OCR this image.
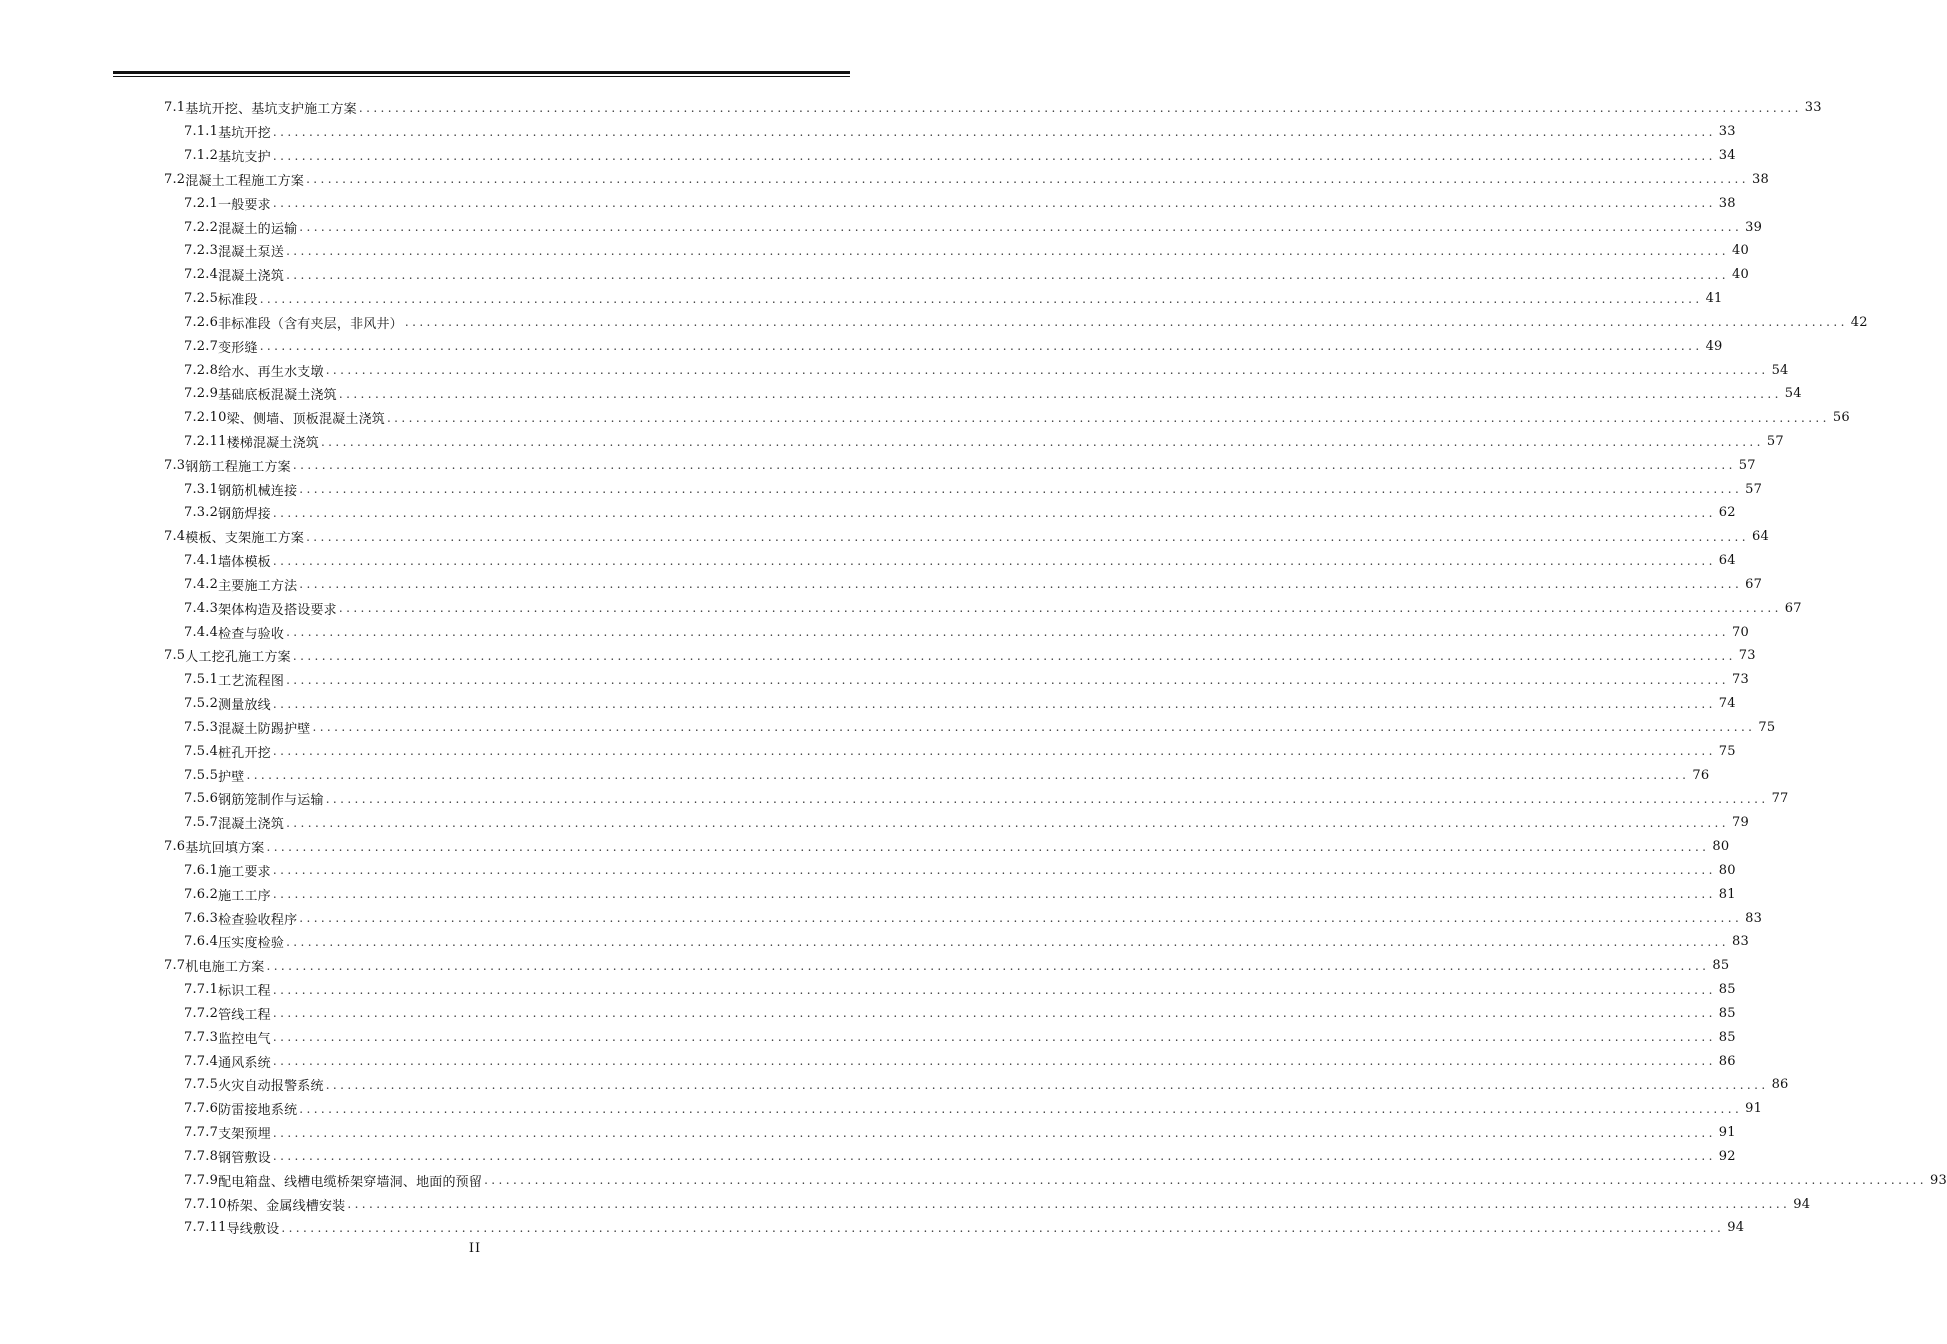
7.1 基坑开挖、基坑支护施工方案 ........................................................................................................................................................................................................ 33
7.1.1 基坑开挖 ........................................................................................................................................................................................................ 33
7.1.2 基坑支护 ........................................................................................................................................................................................................ 34
7.2 混凝土工程施工方案 ........................................................................................................................................................................................................ 38
7.2.1 一般要求 ........................................................................................................................................................................................................ 38
7.2.2 混凝土的运输 ........................................................................................................................................................................................................ 39
7.2.3 混凝土泵送 ........................................................................................................................................................................................................ 40
7.2.4 混凝土浇筑 ........................................................................................................................................................................................................ 40
7.2.5 标准段 ........................................................................................................................................................................................................ 41
7.2.6 非标准段（含有夹层，非风井） ........................................................................................................................................................................................................ 42
7.2.7 变形缝 ........................................................................................................................................................................................................ 49
7.2.8 给水、再生水支墩 ........................................................................................................................................................................................................ 54
7.2.9 基础底板混凝土浇筑 ........................................................................................................................................................................................................ 54
7.2.10 梁、侧墙、顶板混凝土浇筑 ........................................................................................................................................................................................................ 56
7.2.11 楼梯混凝土浇筑 ........................................................................................................................................................................................................ 57
7.3 钢筋工程施工方案 ........................................................................................................................................................................................................ 57
7.3.1 钢筋机械连接 ........................................................................................................................................................................................................ 57
7.3.2 钢筋焊接 ........................................................................................................................................................................................................ 62
7.4 模板、支架施工方案 ........................................................................................................................................................................................................ 64
7.4.1 墙体模板 ........................................................................................................................................................................................................ 64
7.4.2 主要施工方法 ........................................................................................................................................................................................................ 67
7.4.3 架体构造及搭设要求 ........................................................................................................................................................................................................ 67
7.4.4 检查与验收 ........................................................................................................................................................................................................ 70
7.5 人工挖孔施工方案 ........................................................................................................................................................................................................ 73
7.5.1 工艺流程图 ........................................................................................................................................................................................................ 73
7.5.2 测量放线 ........................................................................................................................................................................................................ 74
7.5.3 混凝土防踢护壁 ........................................................................................................................................................................................................ 75
7.5.4 桩孔开挖 ........................................................................................................................................................................................................ 75
7.5.5 护壁 ........................................................................................................................................................................................................ 76
7.5.6 钢筋笼制作与运输 ........................................................................................................................................................................................................ 77
7.5.7 混凝土浇筑 ........................................................................................................................................................................................................ 79
7.6 基坑回填方案 ........................................................................................................................................................................................................ 80
7.6.1 施工要求 ........................................................................................................................................................................................................ 80
7.6.2 施工工序 ........................................................................................................................................................................................................ 81
7.6.3 检查验收程序 ........................................................................................................................................................................................................ 83
7.6.4 压实度检验 ........................................................................................................................................................................................................ 83
7.7 机电施工方案 ........................................................................................................................................................................................................ 85
7.7.1 标识工程 ........................................................................................................................................................................................................ 85
7.7.2 管线工程 ........................................................................................................................................................................................................ 85
7.7.3 监控电气 ........................................................................................................................................................................................................ 85
7.7.4 通风系统 ........................................................................................................................................................................................................ 86
7.7.5 火灾自动报警系统 ........................................................................................................................................................................................................ 86
7.7.6 防雷接地系统 ........................................................................................................................................................................................................ 91
7.7.7 支架预埋 ........................................................................................................................................................................................................ 91
7.7.8 钢管敷设 ........................................................................................................................................................................................................ 92
7.7.9 配电箱盘、线槽电缆桥架穿墙洞、地面的预留 ........................................................................................................................................................................................................ 93
7.7.10 桥架、金属线槽安装 ........................................................................................................................................................................................................ 94
7.7.11 导线敷设 ........................................................................................................................................................................................................ 94
II
